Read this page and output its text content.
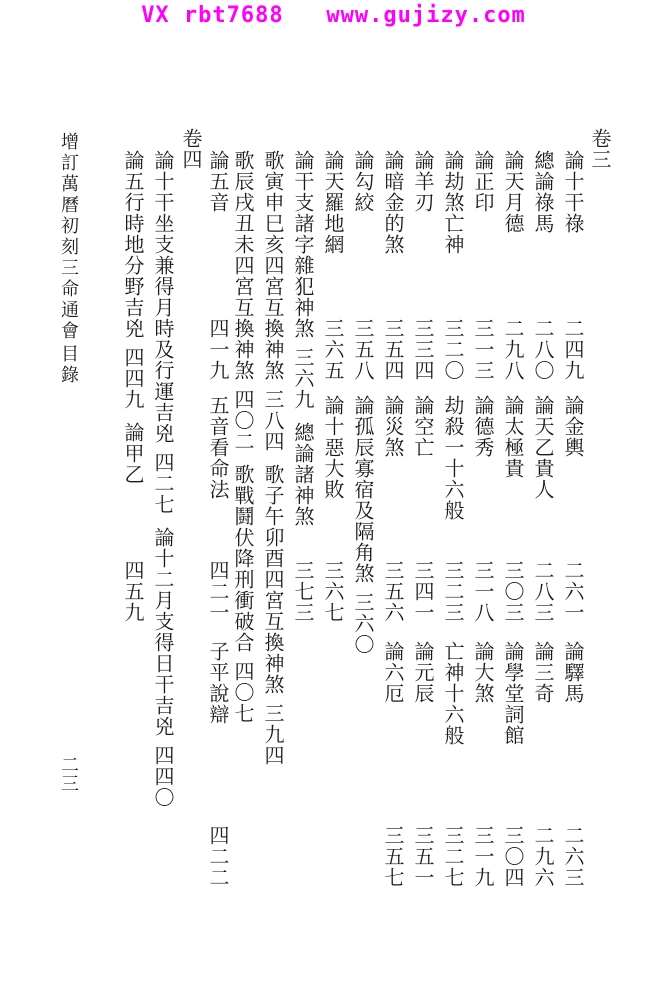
VX rbt7688   www.gujizy.com
增訂萬曆初刻三命通會
目錄
二三
卷三
論十干祿
二四九
論金輿
二六一
論驛馬
二六三
總論祿馬
二八〇
論天乙貴人
二八三
論三奇
二九六
論天月德
二九八
論太極貴
三〇三
論學堂詞館
三〇四
論正印
三一三
論德秀
三一八
論大煞
三一九
論劫煞亡神
三二〇
劫殺一十六般
三二三
亡神十六般
三二七
論羊刃
三三四
論空亡
三四一
論元辰
三五一
論暗金的煞
三五四
論災煞
三五六
論六厄
三五七
論勾絞
三五八
論孤辰寡宿及隔角煞
三六〇
論天羅地網
三六五
論十惡大敗
三六七
論干支諸字雜犯神煞
三六九
總論諸神煞
三七三
歌寅申巳亥四宮互換神煞
三八四
歌子午卯酉四宮互換神煞
三九四
歌辰戌丑未四宮互換神煞
四〇二
歌戰鬪伏降刑衝破合
四〇七
論五音
四一九
五音看命法
四二一
子平說辯
四二二
卷四
論十干坐支兼得月時及行運吉兇
四二七
論十二月支得日干吉兇
四四〇
論五行時地分野吉兇
四四九
論甲乙
四五九
